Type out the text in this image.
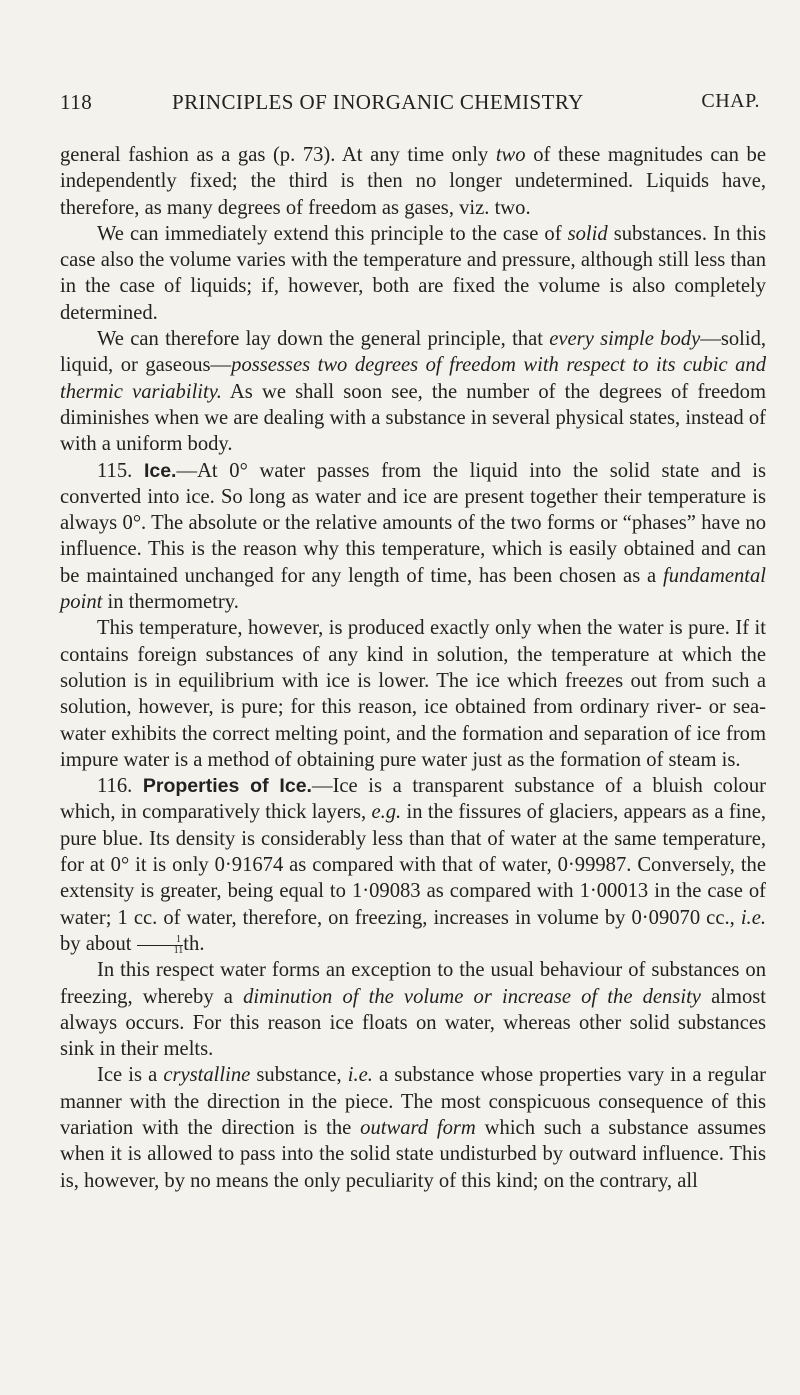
118	PRINCIPLES OF INORGANIC CHEMISTRY	CHAP.

general fashion as a gas (p. 73). At any time only two of these magnitudes can be independently fixed; the third is then no longer undetermined. Liquids have, therefore, as many degrees of freedom as gases, viz. two.

We can immediately extend this principle to the case of solid substances. In this case also the volume varies with the temperature and pressure, although still less than in the case of liquids; if, however, both are fixed the volume is also completely determined.

We can therefore lay down the general principle, that every simple body—solid, liquid, or gaseous—possesses two degrees of freedom with respect to its cubic and thermic variability. As we shall soon see, the number of the degrees of freedom diminishes when we are dealing with a substance in several physical states, instead of with a uniform body.

115. Ice.—At 0° water passes from the liquid into the solid state and is converted into ice. So long as water and ice are present together their temperature is always 0°. The absolute or the relative amounts of the two forms or “phases” have no influence. This is the reason why this temperature, which is easily obtained and can be maintained unchanged for any length of time, has been chosen as a fundamental point in thermometry.

This temperature, however, is produced exactly only when the water is pure. If it contains foreign substances of any kind in solution, the temperature at which the solution is in equilibrium with ice is lower. The ice which freezes out from such a solution, however, is pure; for this reason, ice obtained from ordinary river- or sea-water exhibits the correct melting point, and the formation and separation of ice from impure water is a method of obtaining pure water just as the formation of steam is.

116. Properties of Ice.—Ice is a transparent substance of a bluish colour which, in comparatively thick layers, e.g. in the fissures of glaciers, appears as a fine, pure blue. Its density is considerably less than that of water at the same temperature, for at 0° it is only 0·91674 as compared with that of water, 0·99987. Conversely, the extensity is greater, being equal to 1·09083 as compared with 1·00013 in the case of water; 1 cc. of water, therefore, on freezing, increases in volume by 0·09070 cc., i.e. by about $\frac{1}{11}$ th.

In this respect water forms an exception to the usual behaviour of substances on freezing, whereby a diminution of the volume or increase of the density almost always occurs. For this reason ice floats on water, whereas other solid substances sink in their melts.

Ice is a crystalline substance, i.e. a substance whose properties vary in a regular manner with the direction in the piece. The most conspicuous consequence of this variation with the direction is the outward form which such a substance assumes when it is allowed to pass into the solid state undisturbed by outward influence. This is, however, by no means the only peculiarity of this kind; on the contrary, all
